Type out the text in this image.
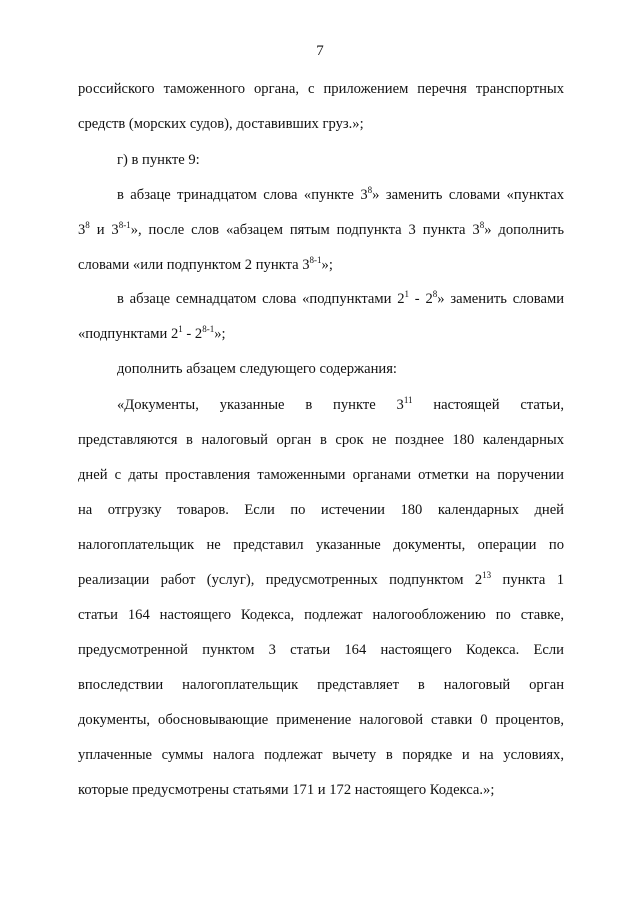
7
российского таможенного органа, с приложением перечня транспортных
средств (морских судов), доставивших груз.»;
г) в пункте 9:
в абзаце тринадцатом слова «пункте $3^8$» заменить словами «пунктах
$3^8$ и 3$^{8-1}$», после слов «абзацем пятым подпункта 3 пункта $3^8$» дополнить
словами «или подпунктом 2 пункта 3$^{8-1}$»;
в абзаце семнадцатом слова «подпунктами $2^1 - 2^8$» заменить словами
«подпунктами $2^1 - 2^{8-1}$»;
дополнить абзацем следующего содержания:
«Документы, указанные в пункте $3^{11}$ настоящей статьи,
представляются в налоговый орган в срок не позднее 180 календарных
дней с даты проставления таможенными органами отметки на поручении
на отгрузку товаров. Если по истечении 180 календарных дней
налогоплательщик не представил указанные документы, операции по
реализации работ (услуг), предусмотренных подпунктом $2^{13}$ пункта 1
статьи 164 настоящего Кодекса, подлежат налогообложению по ставке,
предусмотренной пунктом 3 статьи 164 настоящего Кодекса. Если
впоследствии налогоплательщик представляет в налоговый орган
документы, обосновывающие применение налоговой ставки 0 процентов,
уплаченные суммы налога подлежат вычету в порядке и на условиях,
которые предусмотрены статьями 171 и 172 настоящего Кодекса.»;
